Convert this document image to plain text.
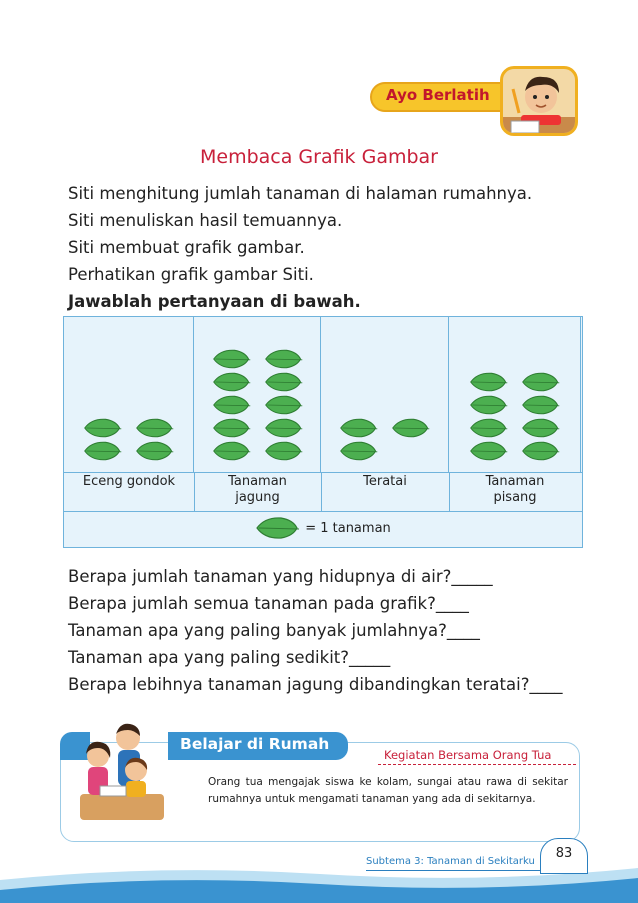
Ayo Berlatih
Membaca Grafik Gambar
Siti menghitung jumlah tanaman di halaman rumahnya.
Siti menuliskan hasil temuannya.
Siti membuat grafik gambar.
Perhatikan grafik gambar Siti.
Jawablah pertanyaan di bawah.
= 1 tanaman
Eceng gondok	Tanaman
jagung
Teratai	Tanaman
pisang
Berapa jumlah tanaman yang hidupnya di air?_____
Berapa jumlah semua tanaman pada grafik?____
Tanaman apa yang paling banyak jumlahnya?____
Tanaman apa yang paling sedikit?_____
Berapa lebihnya tanaman jagung dibandingkan teratai?____
Belajar di Rumah
Kegiatan Bersama Orang Tua
Orang tua mengajak siswa ke kolam, sungai atau rawa di sekitar rumahnya untuk mengamati tanaman yang ada di sekitarnya.
Subtema 3: Tanaman di Sekitarku
83
